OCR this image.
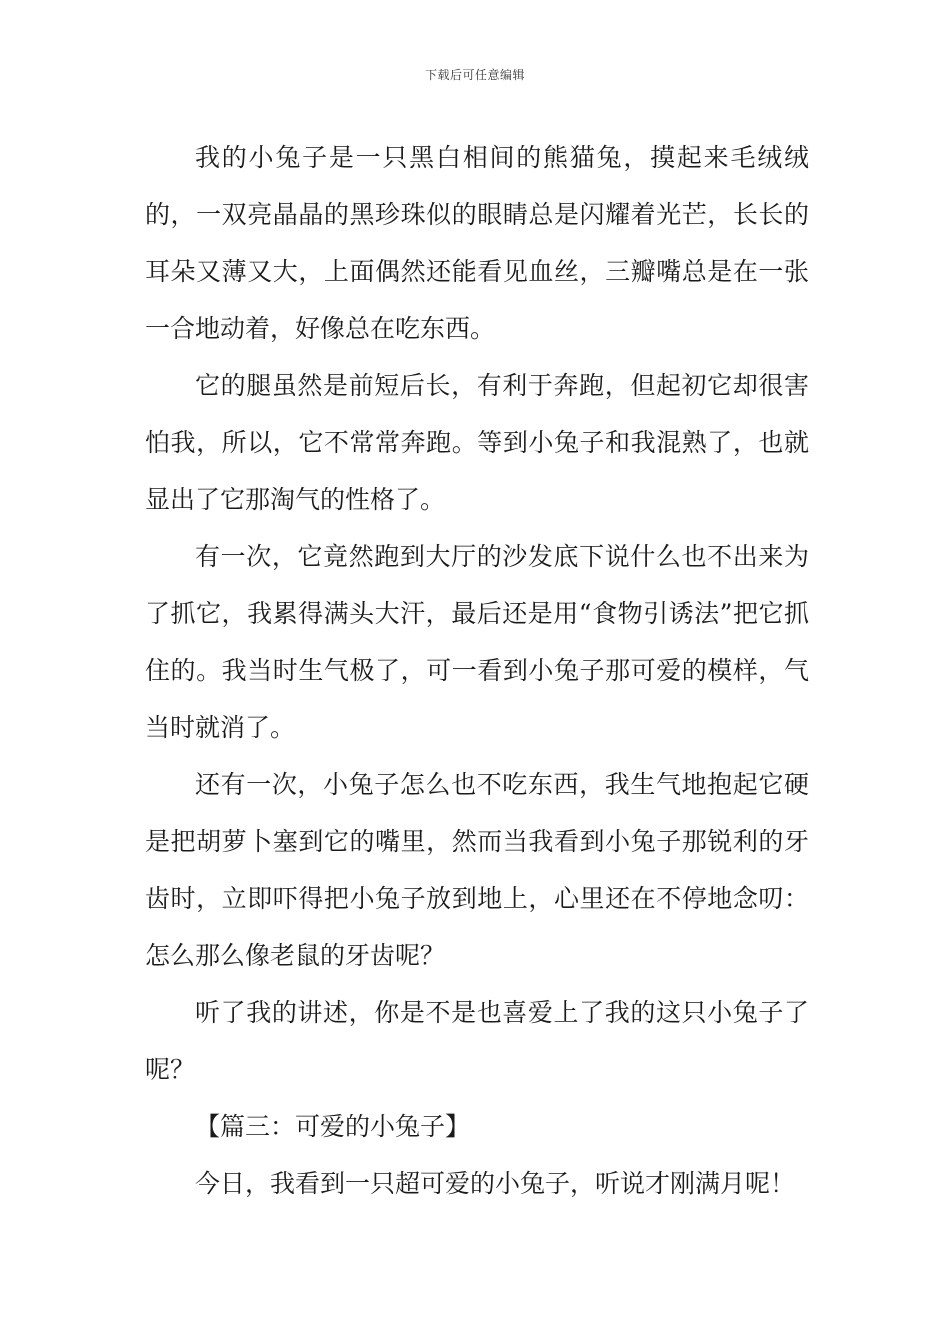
下载后可任意编辑

我的小兔子是一只黑白相间的熊猫兔，摸起来毛绒绒的，一双亮晶晶的黑珍珠似的眼睛总是闪耀着光芒，长长的耳朵又薄又大，上面偶然还能看见血丝，三瓣嘴总是在一张一合地动着，好像总在吃东西。

它的腿虽然是前短后长，有利于奔跑，但起初它却很害怕我，所以，它不常常奔跑。等到小兔子和我混熟了，也就显出了它那淘气的性格了。

有一次，它竟然跑到大厅的沙发底下说什么也不出来为了抓它，我累得满头大汗，最后还是用“食物引诱法”把它抓住的。我当时生气极了，可一看到小兔子那可爱的模样，气当时就消了。

还有一次，小兔子怎么也不吃东西，我生气地抱起它硬是把胡萝卜塞到它的嘴里，然而当我看到小兔子那锐利的牙齿时，立即吓得把小兔子放到地上，心里还在不停地念叨：怎么那么像老鼠的牙齿呢？

听了我的讲述，你是不是也喜爱上了我的这只小兔子了呢？

【篇三：可爱的小兔子】

今日，我看到一只超可爱的小兔子，听说才刚满月呢！
